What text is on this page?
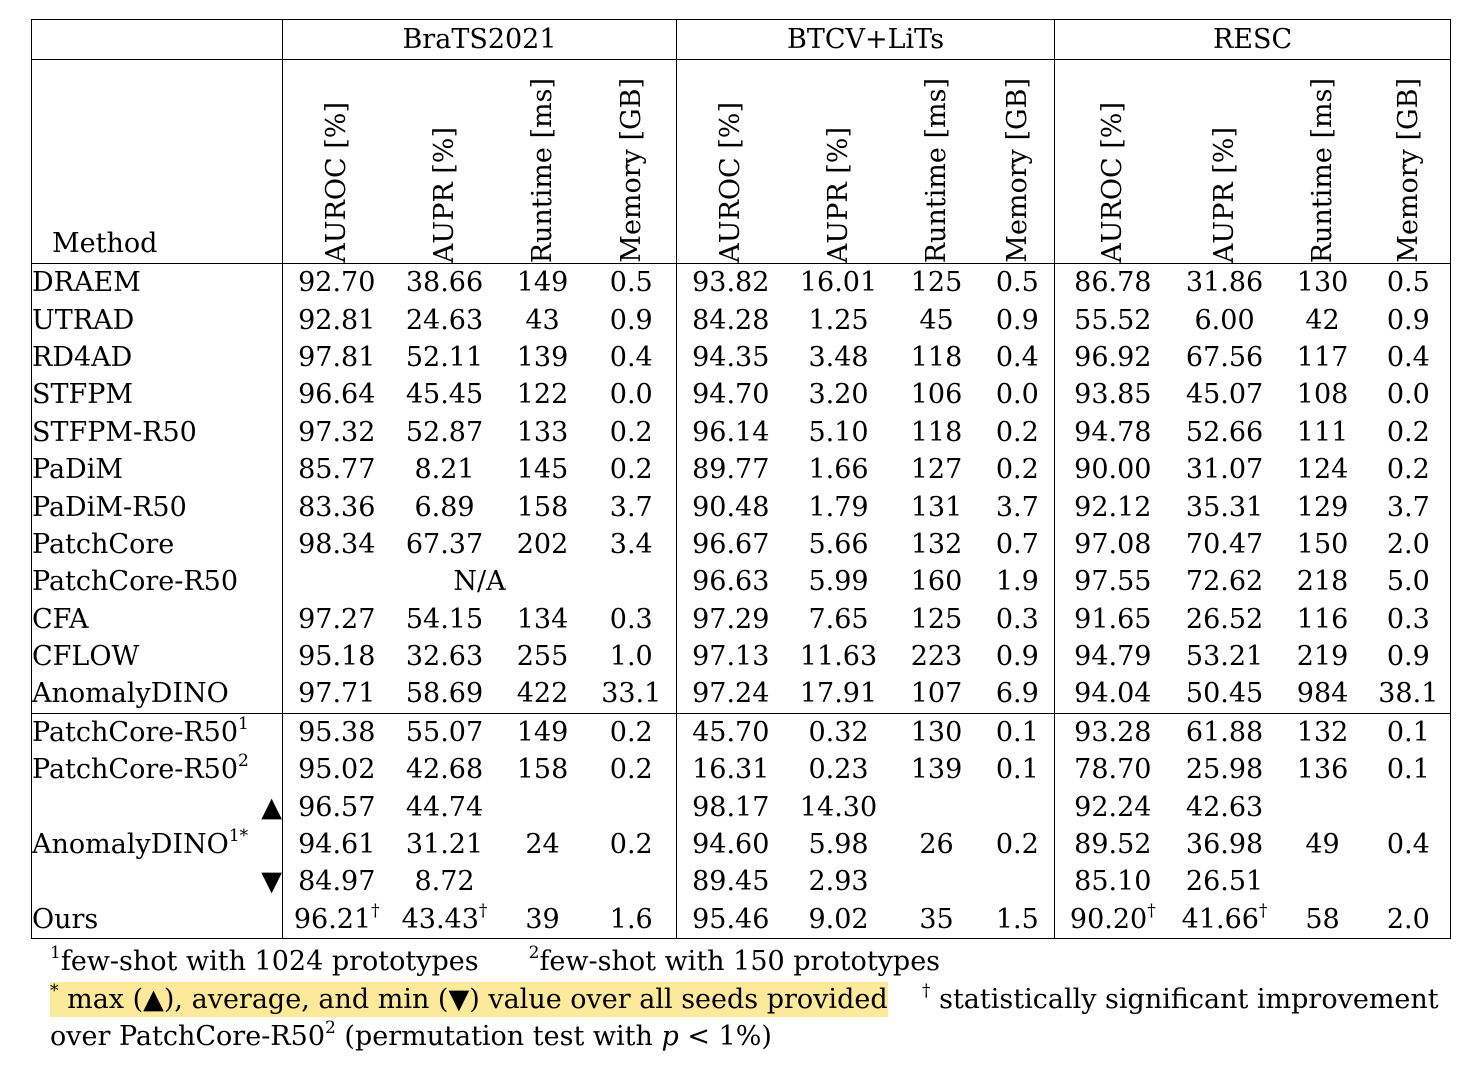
	BraTS2021				BTCV+LiTs				RESC			
Method	AUROC [%]	AUPR [%]	Runtime [ms]	Memory [GB]	AUROC [%]	AUPR [%]	Runtime [ms]	Memory [GB]	AUROC [%]	AUPR [%]	Runtime [ms]	Memory [GB]

DRAEM	92.70	38.66	149	0.5	93.82	16.01	125	0.5	86.78	31.86	130	0.5
UTRAD	92.81	24.63	43	0.9	84.28	1.25	45	0.9	55.52	6.00	42	0.9
RD4AD	97.81	52.11	139	0.4	94.35	3.48	118	0.4	96.92	67.56	117	0.4
STFPM	96.64	45.45	122	0.0	94.70	3.20	106	0.0	93.85	45.07	108	0.0
STFPM-R50	97.32	52.87	133	0.2	96.14	5.10	118	0.2	94.78	52.66	111	0.2
PaDiM	85.77	8.21	145	0.2	89.77	1.66	127	0.2	90.00	31.07	124	0.2
PaDiM-R50	83.36	6.89	158	3.7	90.48	1.79	131	3.7	92.12	35.31	129	3.7
PatchCore	98.34	67.37	202	3.4	96.67	5.66	132	0.7	97.08	70.47	150	2.0
PatchCore-R50	N/A				96.63	5.99	160	1.9	97.55	72.62	218	5.0
CFA	97.27	54.15	134	0.3	97.29	7.65	125	0.3	91.65	26.52	116	0.3
CFLOW	95.18	32.63	255	1.0	97.13	11.63	223	0.9	94.79	53.21	219	0.9
AnomalyDINO	97.71	58.69	422	33.1	97.24	17.91	107	6.9	94.04	50.45	984	38.1
PatchCore-$R50^1$	95.38	55.07	149	0.2	45.70	0.32	130	0.1	93.28	61.88	132	0.1
PatchCore-$R50^2$	95.02	42.68	158	0.2	16.31	0.23	139	0.1	78.70	25.98	136	0.1
▲	96.57	44.74			98.17	14.30			92.24	42.63		
AnomalyDINO$^{1*}$	94.61	31.21	24	0.2	94.60	5.98	26	0.2	89.52	36.98	49	0.4
▼	84.97	8.72			89.45	2.93			85.10	26.51		
Ours	96.21†	43.43†	39	1.6	95.46	9.02	35	1.5	90.20†	41.66†	58	2.0
$^1$few-shot with 1024 prototypes	$^2$few-shot with 150 prototypes
* max (▲), average, and min (▼) value over all seeds provided † statistically significant improvement
over PatchCore-$R50^2$ (permutation test with p < 1%)
